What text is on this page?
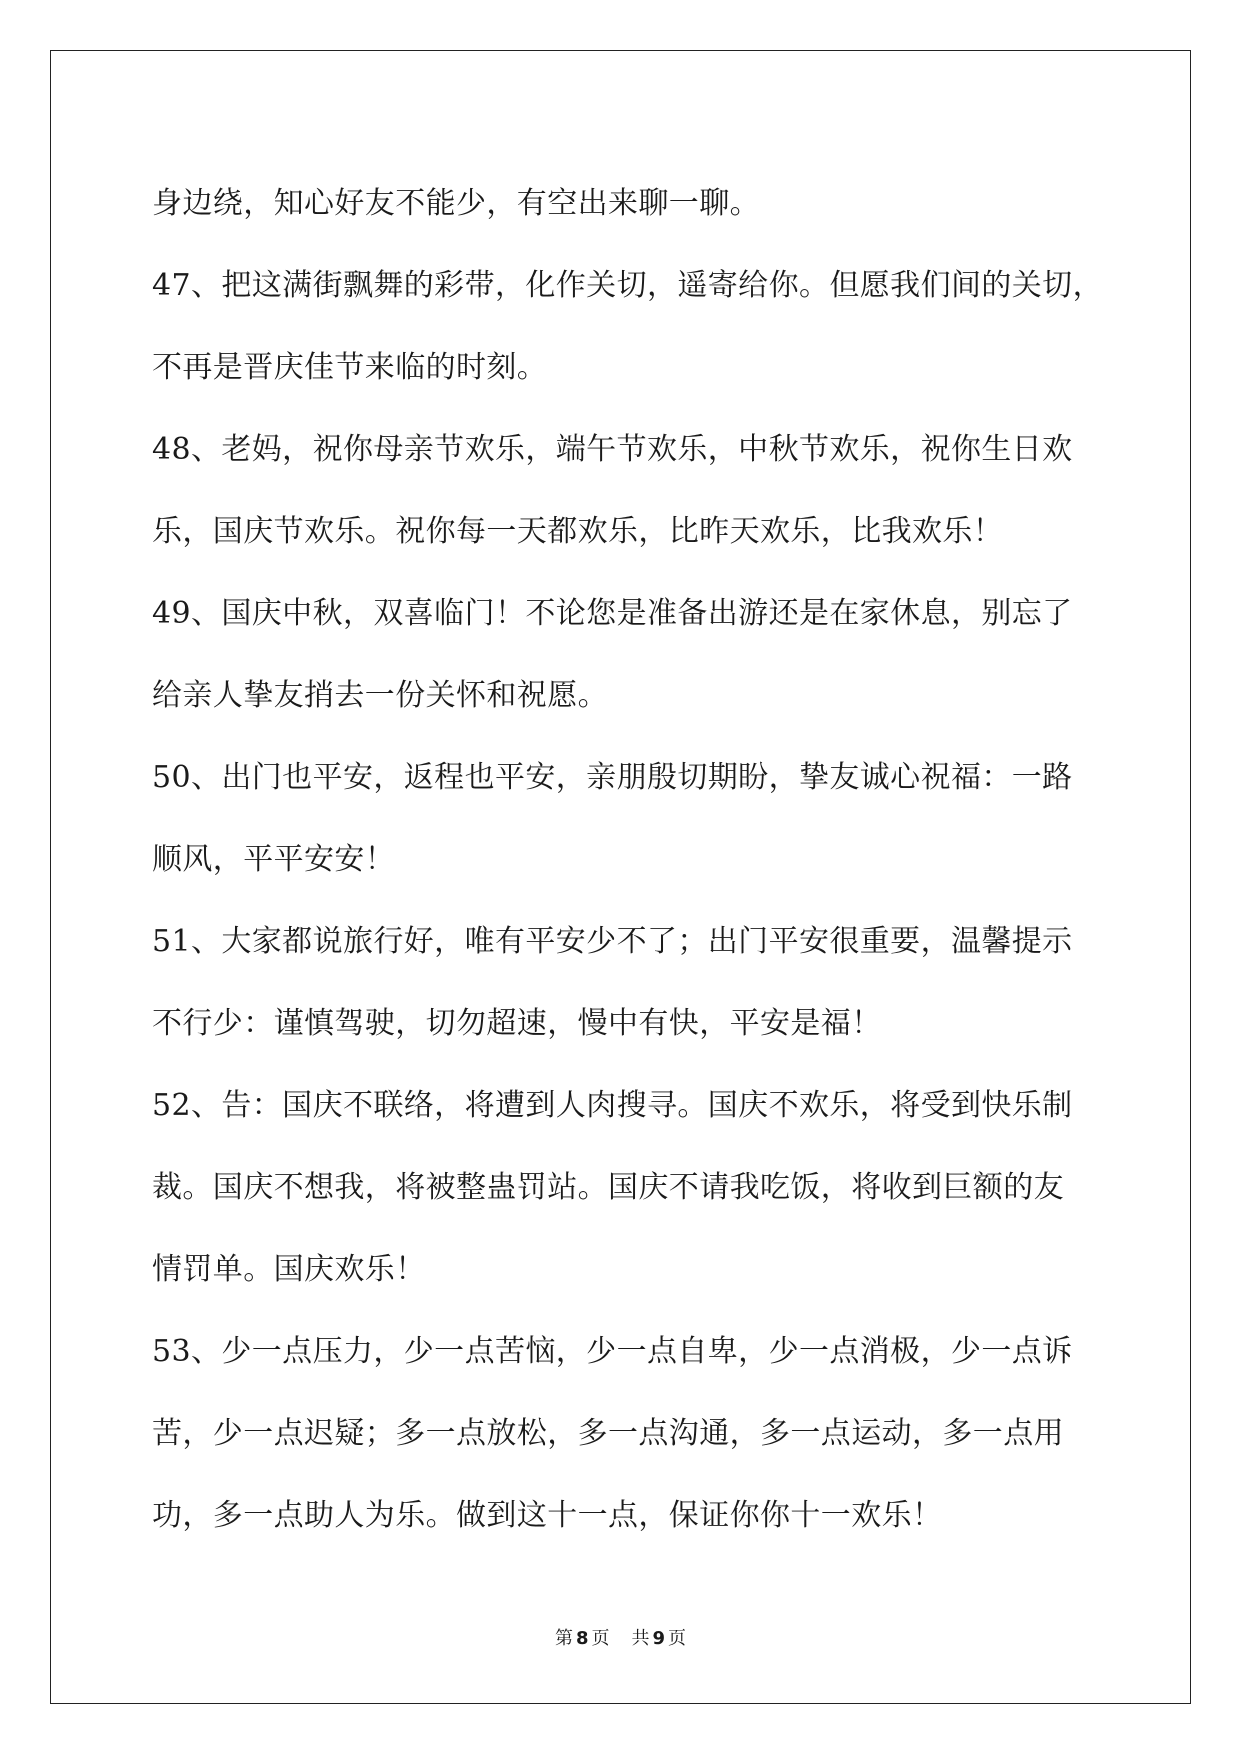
身边绕，知心好友不能少，有空出来聊一聊。
47、把这满街飘舞的彩带，化作关切，遥寄给你。但愿我们间的关切，
不再是晋庆佳节来临的时刻。
48、老妈，祝你母亲节欢乐，端午节欢乐，中秋节欢乐，祝你生日欢
乐，国庆节欢乐。祝你每一天都欢乐，比昨天欢乐，比我欢乐！
49、国庆中秋，双喜临门！不论您是准备出游还是在家休息，别忘了
给亲人挚友捎去一份关怀和祝愿。
50、出门也平安，返程也平安，亲朋殷切期盼，挚友诚心祝福：一路
顺风，平平安安！
51、大家都说旅行好，唯有平安少不了；出门平安很重要，温馨提示
不行少：谨慎驾驶，切勿超速，慢中有快，平安是福！
52、告：国庆不联络，将遭到人肉搜寻。国庆不欢乐，将受到快乐制
裁。国庆不想我，将被整蛊罚站。国庆不请我吃饭，将收到巨额的友
情罚单。国庆欢乐！
53、少一点压力，少一点苦恼，少一点自卑，少一点消极，少一点诉
苦，少一点迟疑；多一点放松，多一点沟通，多一点运动，多一点用
功，多一点助人为乐。做到这十一点，保证你你十一欢乐！
第 8 页 共 9 页
